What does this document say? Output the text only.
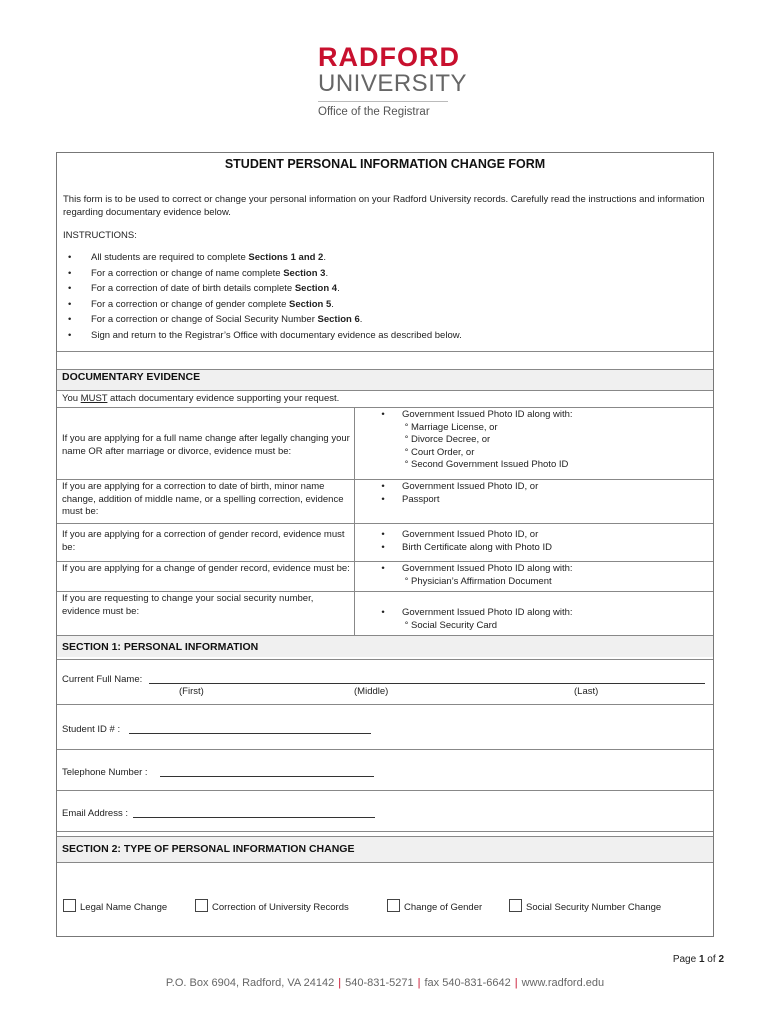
RADFORD
UNIVERSITY
Office of the Registrar
STUDENT PERSONAL INFORMATION CHANGE FORM
This form is to be used to correct or change your personal information on your Radford University records. Carefully read the instructions and information regarding documentary evidence below.
INSTRUCTIONS:
•	All students are required to complete Sections 1 and 2.
•	For a correction or change of name complete Section 3.
•	For a correction of date of birth details complete Section 4.
•	For a correction or change of gender complete Section 5.
•	For a correction or change of Social Security Number Section 6.
•	Sign and return to the Registrar’s Office with documentary evidence as described below.
DOCUMENTARY EVIDENCE
You MUST attach documentary evidence supporting your request.
If you are applying for a full name change after legally changing your name OR after marriage or divorce, evidence must be:
•	Government Issued Photo ID along with:
° Marriage License, or
° Divorce Decree, or
° Court Order, or
° Second Government Issued Photo ID
If you are applying for a correction to date of birth, minor name change, addition of middle name, or a spelling correction, evidence must be:
•	Government Issued Photo ID, or
•	Passport
If you are applying for a correction of gender record, evidence must be:
•	Government Issued Photo ID, or
•	Birth Certificate along with Photo ID
If you are applying for a change of gender record, evidence must be:	•	Government Issued Photo ID along with:
° Physician’s Affirmation Document
If you are requesting to change your social security number, evidence must be:	•	Government Issued Photo ID along with:
° Social Security Card
SECTION 1: PERSONAL INFORMATION
Current Full Name:
(First)	(Middle)	(Last)
Student ID # :
Telephone Number :
Email Address :
SECTION 2: TYPE OF PERSONAL INFORMATION CHANGE
Legal Name Change	Correction of University Records	Change of Gender	Social Security Number Change
Page 1 of 2
P.O. Box 6904, Radford, VA 24142 | 540-831-5271 | fax 540-831-6642 | www.radford.edu
